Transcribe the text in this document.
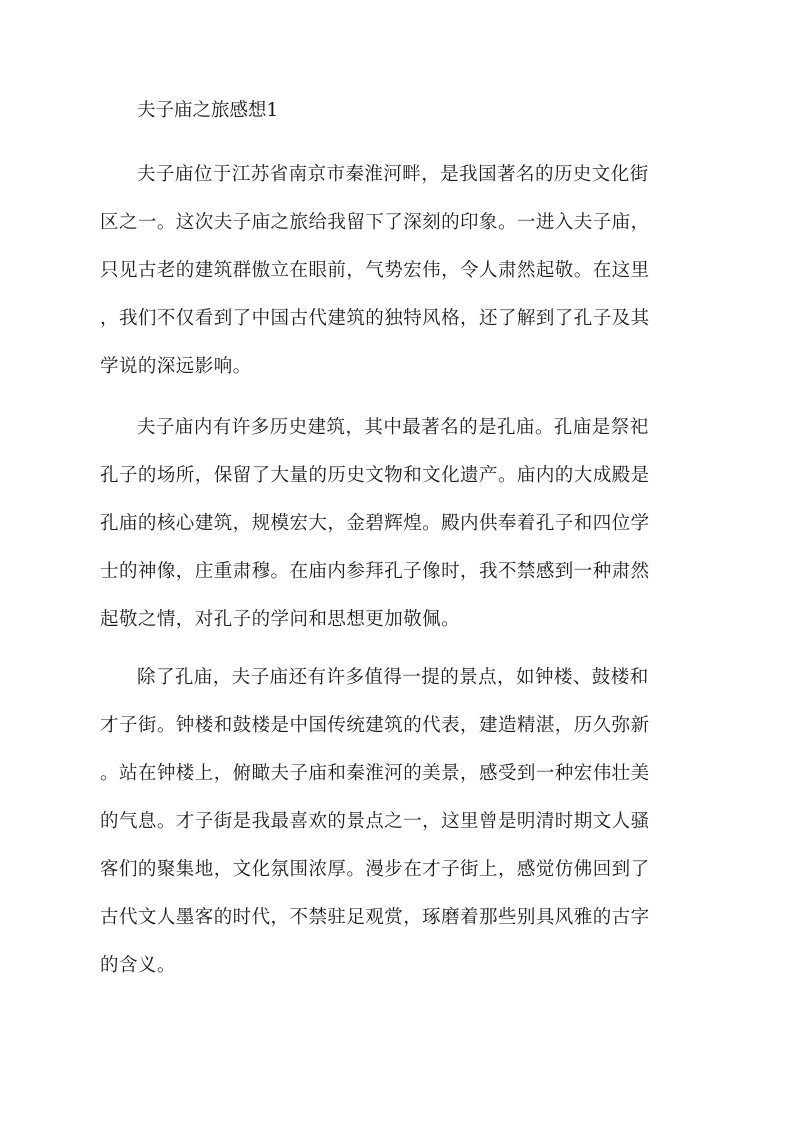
夫子庙之旅感想1
夫子庙位于江苏省南京市秦淮河畔，是我国著名的历史文化街
区之一。这次夫子庙之旅给我留下了深刻的印象。一进入夫子庙，
只见古老的建筑群傲立在眼前，气势宏伟，令人肃然起敬。在这里
，我们不仅看到了中国古代建筑的独特风格，还了解到了孔子及其
学说的深远影响。
夫子庙内有许多历史建筑，其中最著名的是孔庙。孔庙是祭祀
孔子的场所，保留了大量的历史文物和文化遗产。庙内的大成殿是
孔庙的核心建筑，规模宏大，金碧辉煌。殿内供奉着孔子和四位学
士的神像，庄重肃穆。在庙内参拜孔子像时，我不禁感到一种肃然
起敬之情，对孔子的学问和思想更加敬佩。
除了孔庙，夫子庙还有许多值得一提的景点，如钟楼、鼓楼和
才子街。钟楼和鼓楼是中国传统建筑的代表，建造精湛，历久弥新
。站在钟楼上，俯瞰夫子庙和秦淮河的美景，感受到一种宏伟壮美
的气息。才子街是我最喜欢的景点之一，这里曾是明清时期文人骚
客们的聚集地，文化氛围浓厚。漫步在才子街上，感觉仿佛回到了
古代文人墨客的时代，不禁驻足观赏，琢磨着那些别具风雅的古字
的含义。
